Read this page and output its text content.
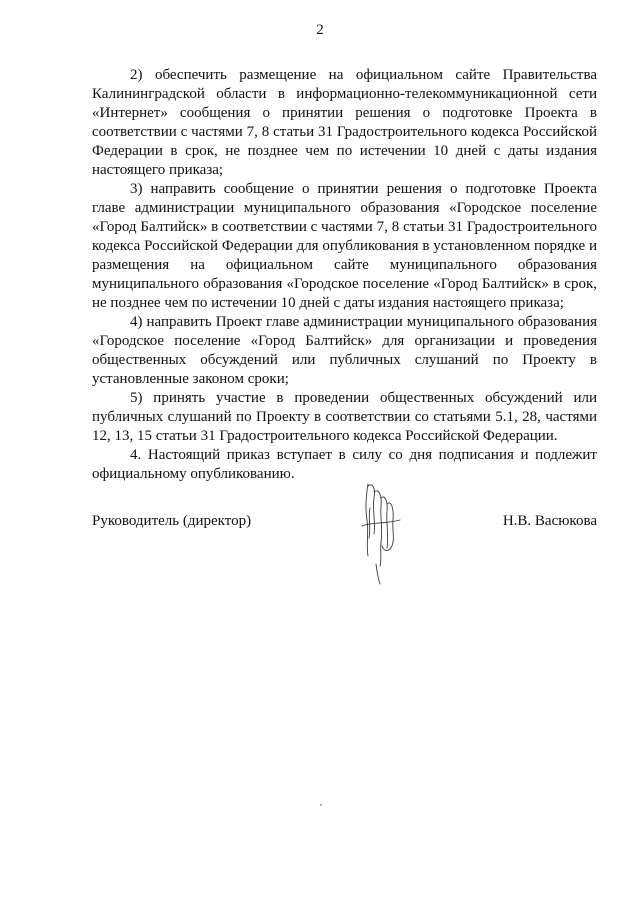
2

2) обеспечить размещение на официальном сайте Правительства Калининградской области в информационно-телекоммуникационной сети «Интернет» сообщения о принятии решения о подготовке Проекта в соответствии с частями 7, 8 статьи 31 Градостроительного кодекса Российской Федерации в срок, не позднее чем по истечении 10 дней с даты издания настоящего приказа;

3) направить сообщение о принятии решения о подготовке Проекта главе администрации муниципального образования «Городское поселение «Город Балтийск» в соответствии с частями 7, 8 статьи 31 Градостроительного кодекса Российской Федерации для опубликования в установленном порядке и размещения на официальном сайте муниципального образования муниципального образования «Городское поселение «Город Балтийск» в срок, не позднее чем по истечении 10 дней с даты издания настоящего приказа;

4) направить Проект главе администрации муниципального образования «Городское поселение «Город Балтийск» для организации и проведения общественных обсуждений или публичных слушаний по Проекту в установленные законом сроки;

5) принять участие в проведении общественных обсуждений или публичных слушаний по Проекту в соответствии со статьями 5.1, 28, частями 12, 13, 15 статьи 31 Градостроительного кодекса Российской Федерации.

4. Настоящий приказ вступает в силу со дня подписания и подлежит официальному опубликованию.

Руководитель (директор)	Н.В. Васюкова
